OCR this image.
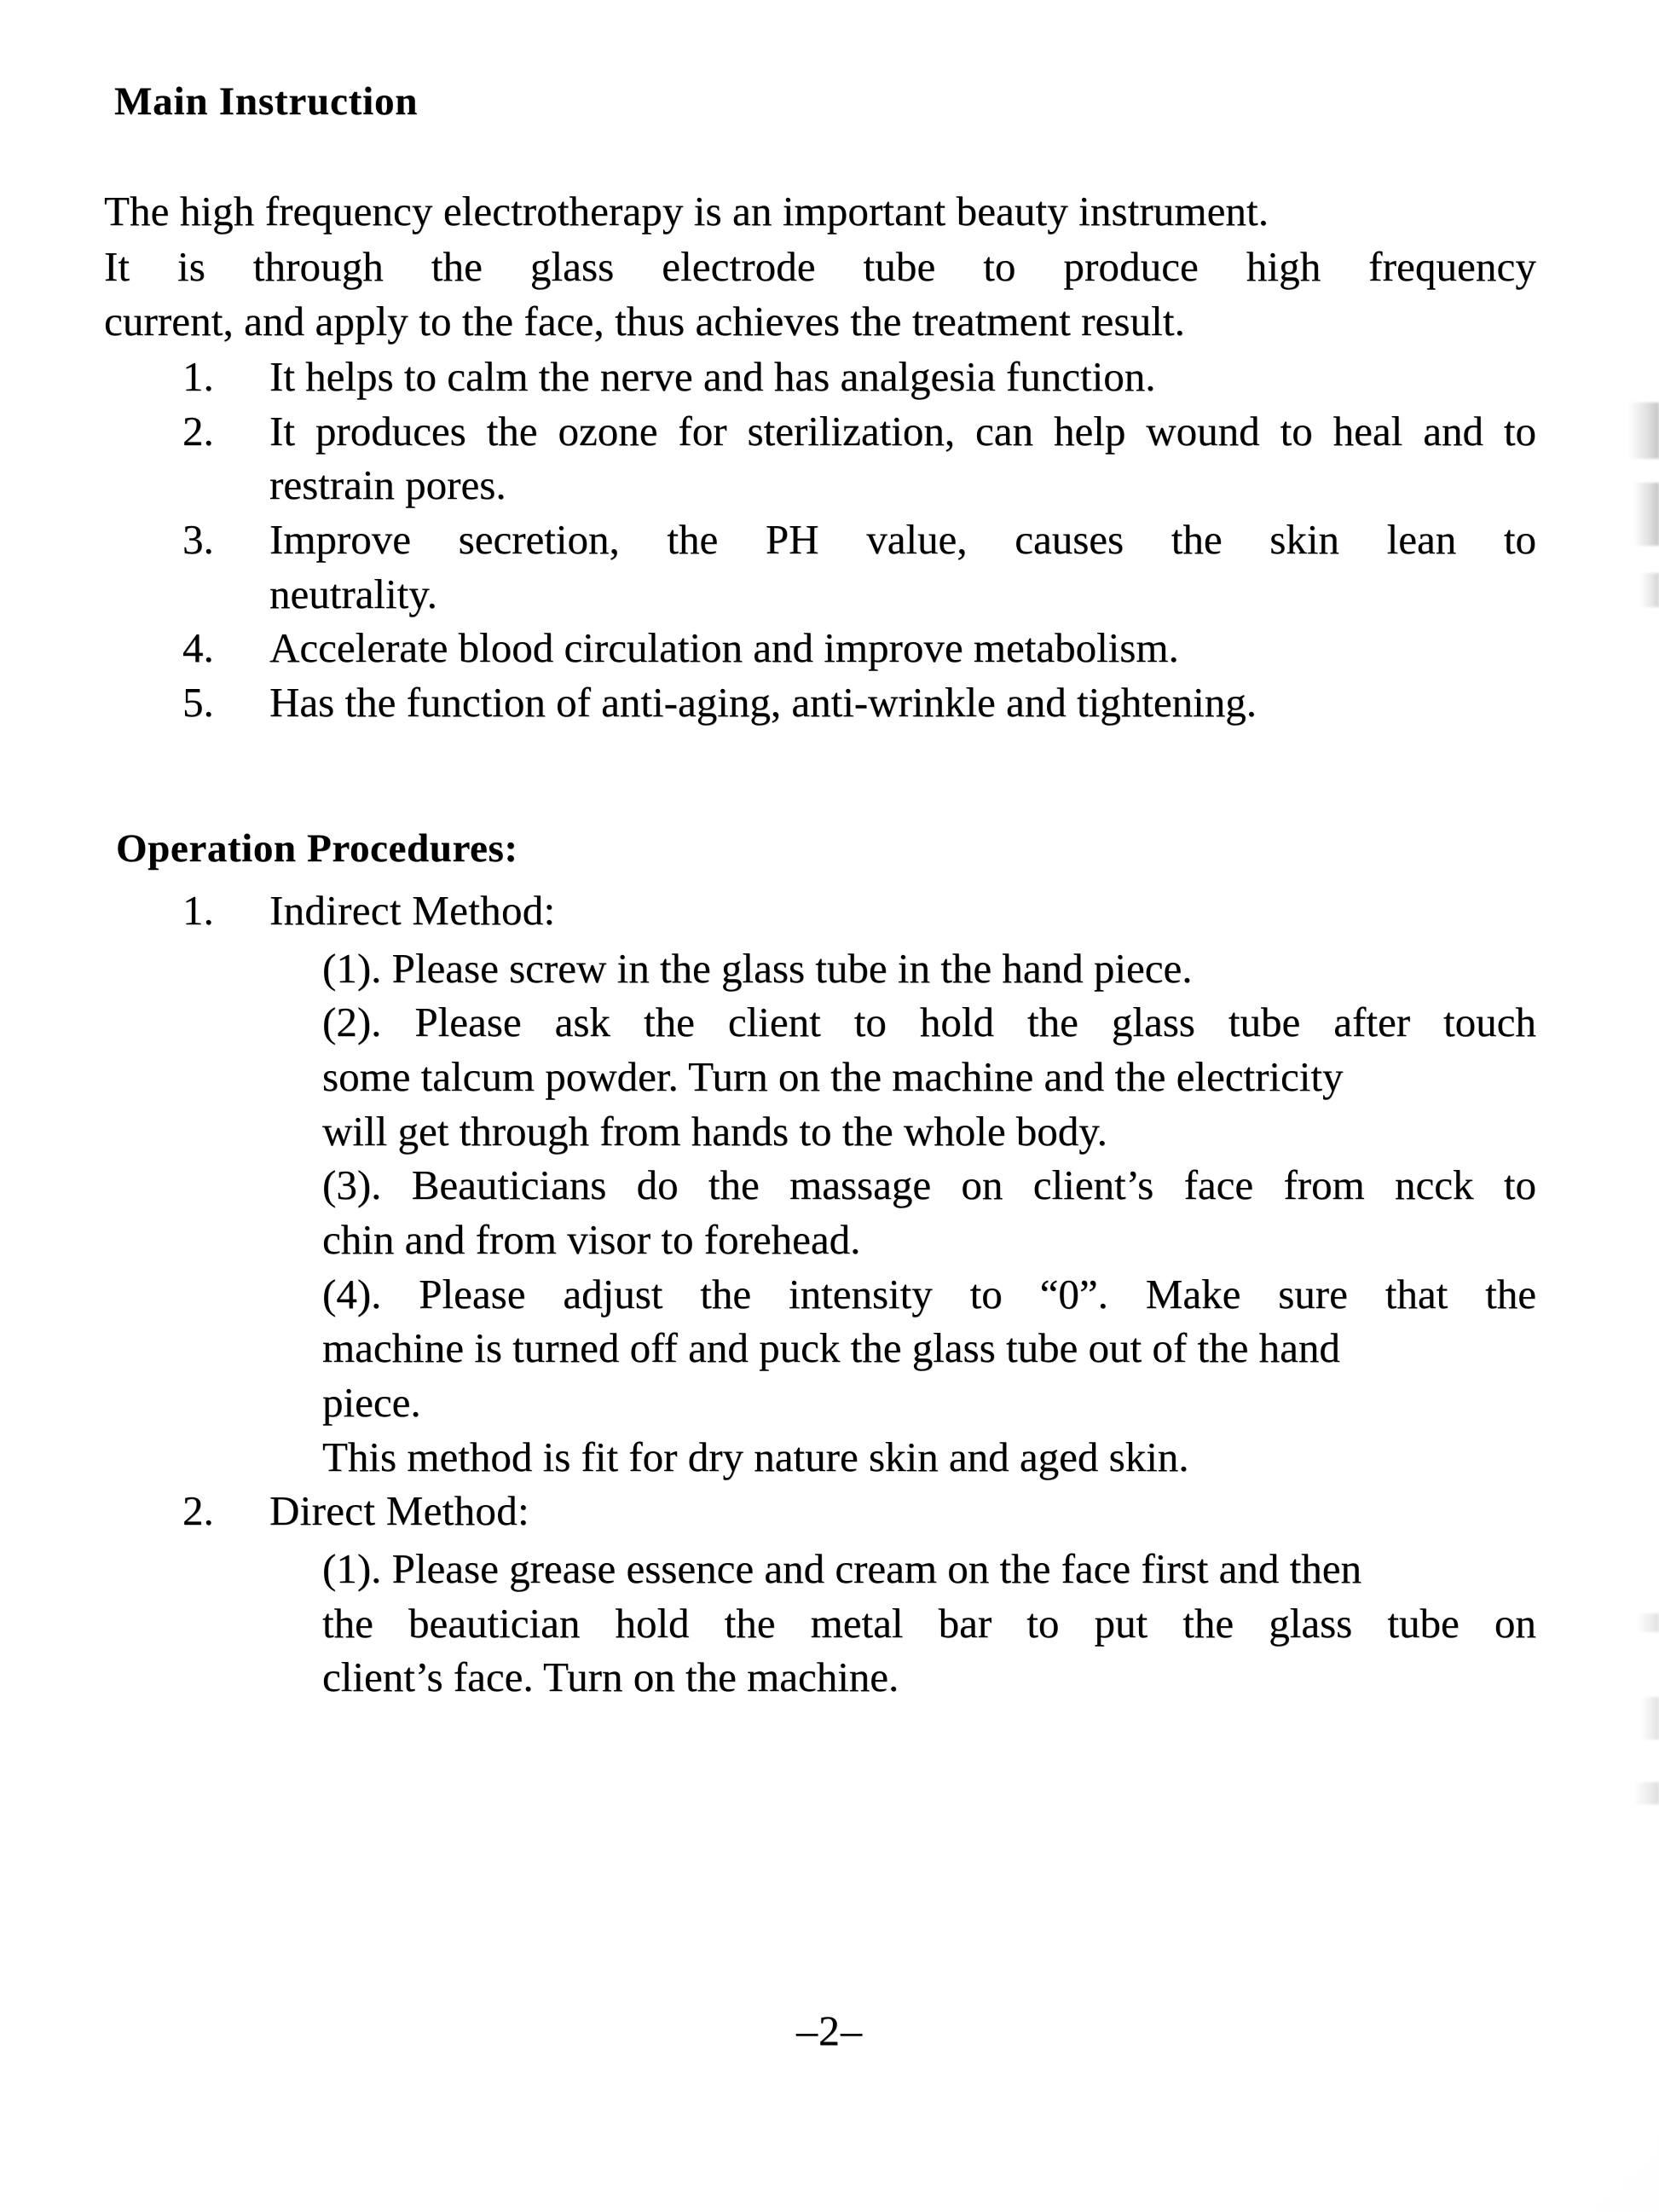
Main Instruction
The high frequency electrotherapy is an important beauty instrument.
It is through the glass electrode tube to produce high frequency
current, and apply to the face, thus achieves the treatment result.
1.	It helps to calm the nerve and has analgesia function.
2.	It produces the ozone for sterilization, can help wound to heal and to restrain pores.
3.	Improve secretion, the PH value, causes the skin lean to
neutrality.
4.	Accelerate blood circulation and improve metabolism.
5.	Has the function of anti-aging, anti-wrinkle and tightening.
Operation Procedures:
1.	Indirect Method:
(1). Please screw in the glass tube in the hand piece.
(2). Please ask the client to hold the glass tube after touch
some talcum powder. Turn on the machine and the electricity
will get through from hands to the whole body.
(3). Beauticians do the massage on client’s face from ncck to
chin and from visor to forehead.
(4). Please adjust the intensity to “0”. Make sure that the
machine is turned off and puck the glass tube out of the hand
piece.
This method is fit for dry nature skin and aged skin.
2.	Direct Method:
(1). Please grease essence and cream on the face first and then
the beautician hold the metal bar to put the glass tube on
client’s face. Turn on the machine.
–2–
